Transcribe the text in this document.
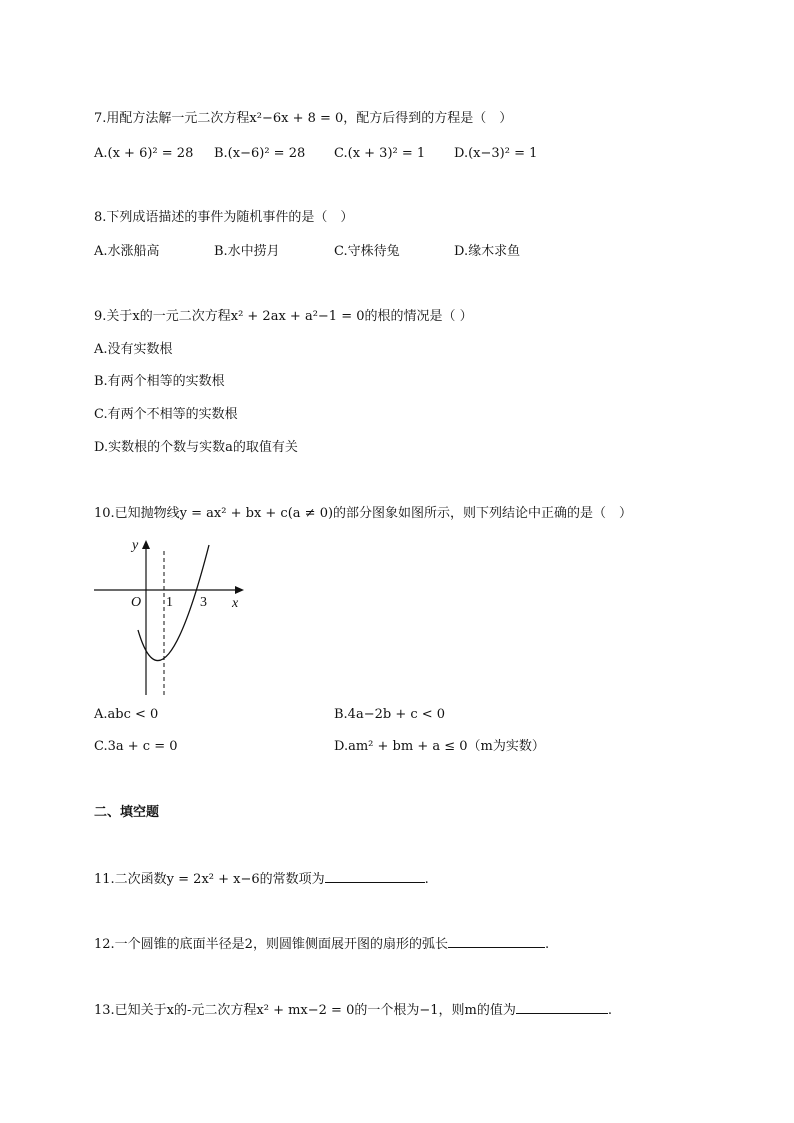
7.用配方法解一元二次方程x²−6x + 8 = 0，配方后得到的方程是（　）
A.(x + 6)² = 28 B.(x−6)² = 28 C.(x + 3)² = 1 D.(x−3)² = 1
8.下列成语描述的事件为随机事件的是（　）
A.水涨船高	B.水中捞月	C.守株待兔	D.缘木求鱼
9.关于x的一元二次方程x² + 2ax + a²−1 = 0的根的情况是（ ）
A.没有实数根
B.有两个相等的实数根
C.有两个不相等的实数根
D.实数根的个数与实数a的取值有关
10.已知抛物线y = ax² + bx + c(a ≠ 0)的部分图象如图所示，则下列结论中正确的是（　）
y
x
O 1 3
A.abc < 0	B.4a−2b + c < 0
C.3a + c = 0	D.am² + bm + a ≤ 0（m为实数）
二、填空题
11.二次函数y = 2x² + x−6的常数项为	.
12.一个圆锥的底面半径是2，则圆锥侧面展开图的扇形的弧长	.
13.已知关于x的-元二次方程x² + mx−2 = 0的一个根为−1，则m的值为	.
